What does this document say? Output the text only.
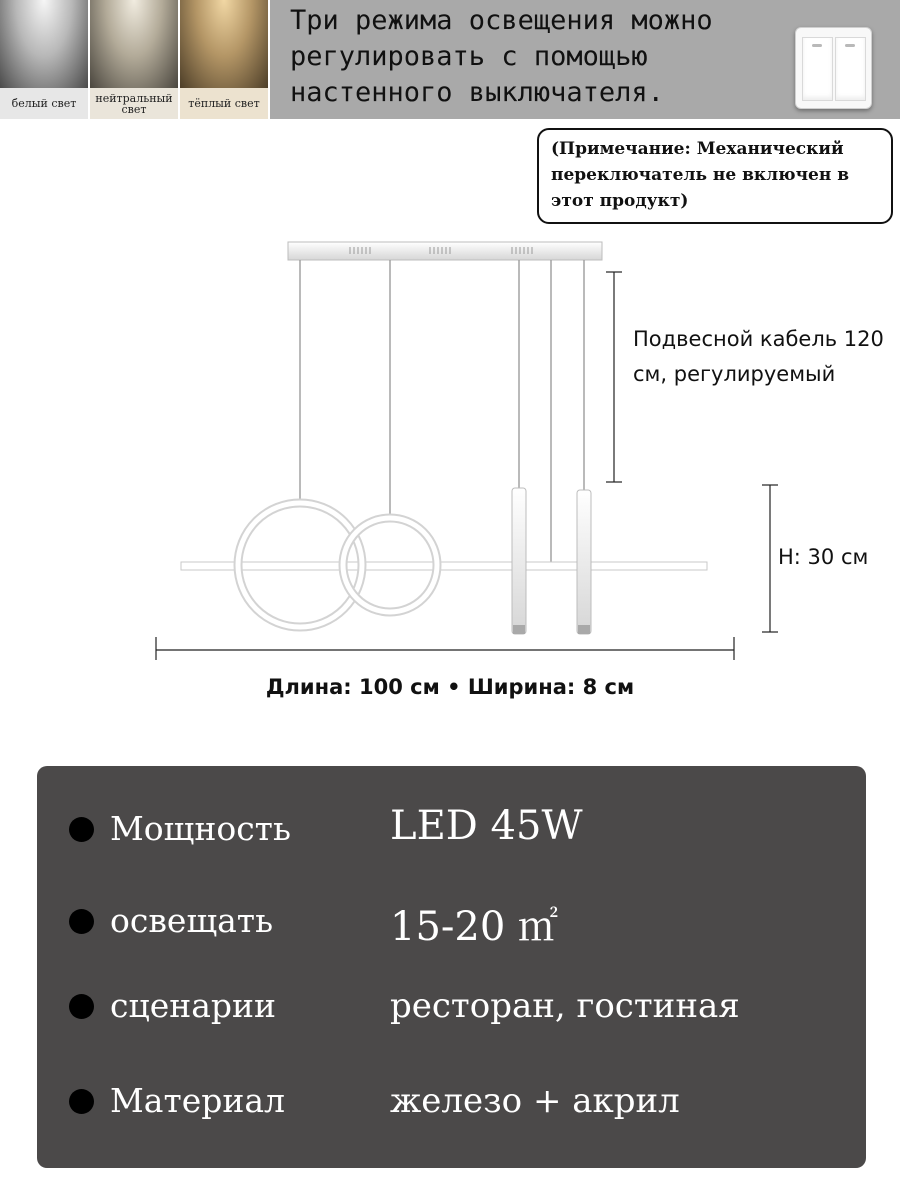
белый свет	нейтральный свет	тёплый свет

Три режима освещения можно регулировать с помощью настенного выключателя.

(Примечание: Механический переключатель не включен в этот продукт)

Подвесной кабель 120 см, регулируемый

H: 30 см
Длина: 100 см • Ширина: 8 см
Мощность LED 45W
освещать	15-20 ㎡
сценарии	ресторан, гостиная
Материал	железо + акрил
